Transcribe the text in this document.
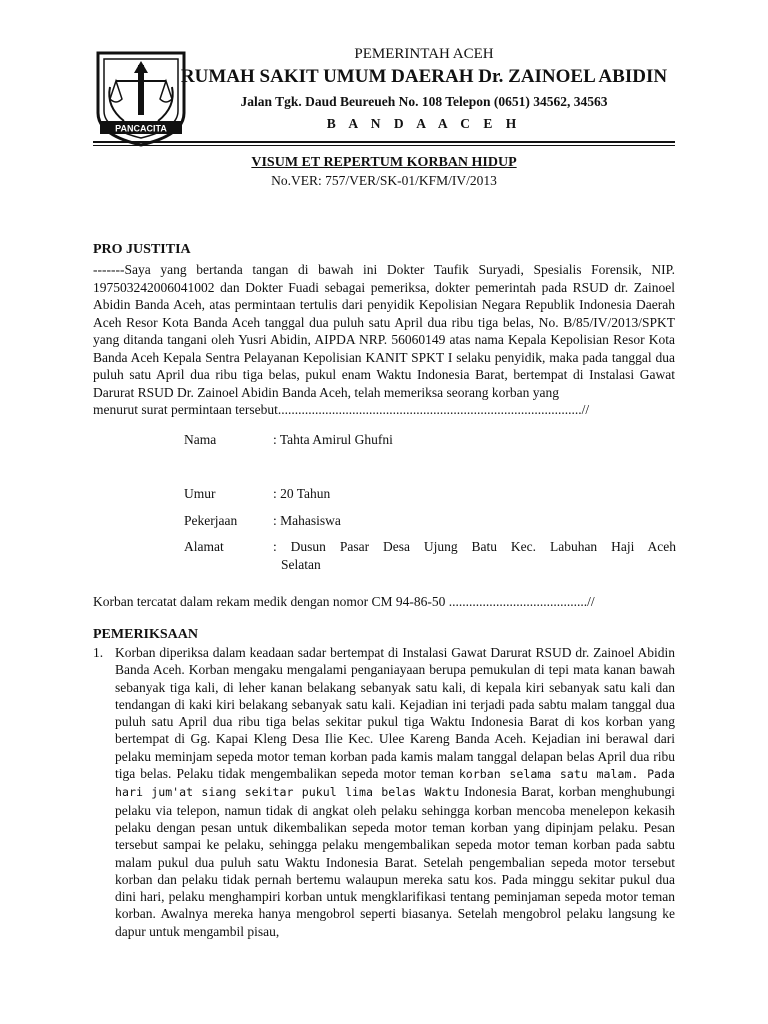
PANCACITA
PEMERINTAH ACEH
RUMAH SAKIT UMUM DAERAH Dr. ZAINOEL ABIDIN
Jalan Tgk. Daud Beureueh No. 108 Telepon (0651) 34562, 34563
B A N D A A C E H
VISUM ET REPERTUM KORBAN HIDUP
No.VER: 757/VER/SK-01/KFM/IV/2013
PRO JUSTITIA
-------Saya yang bertanda tangan di bawah ini Dokter Taufik Suryadi, Spesialis Forensik, NIP. 197503242006041002 dan Dokter Fuadi sebagai pemeriksa, dokter pemerintah pada RSUD dr. Zainoel Abidin Banda Aceh, atas permintaan tertulis dari penyidik Kepolisian Negara Republik Indonesia Daerah Aceh Resor Kota Banda Aceh tanggal dua puluh satu April dua ribu tiga belas, No. B/85/IV/2013/SPKT yang ditanda tangani oleh Yusri Abidin, AIPDA NRP. 56060149 atas nama Kepala Kepolisian Resor Kota Banda Aceh Kepala Sentra Pelayanan Kepolisian KANIT SPKT I selaku penyidik, maka pada tanggal dua puluh satu April dua ribu tiga belas, pukul enam Waktu Indonesia Barat, bertempat di Instalasi Gawat Darurat RSUD Dr. Zainoel Abidin Banda Aceh, telah memeriksa seorang korban yang
menurut surat permintaan tersebut..........................................................................................//
Nama	: Tahta Amirul Ghufni
Umur	: 20 Tahun
Pekerjaan	: Mahasiswa
Alamat	: Dusun Pasar Desa Ujung Batu Kec. Labuhan Haji Aceh
Selatan
Korban tercatat dalam rekam medik dengan nomor CM 94-86-50 .........................................//
PEMERIKSAAN
1. Korban diperiksa dalam keadaan sadar bertempat di Instalasi Gawat Darurat RSUD dr. Zainoel Abidin Banda Aceh. Korban mengaku mengalami penganiayaan berupa pemukulan di tepi mata kanan bawah sebanyak tiga kali, di leher kanan belakang sebanyak satu kali, di kepala kiri sebanyak satu kali dan tendangan di kaki kiri belakang sebanyak satu kali. Kejadian ini terjadi pada sabtu malam tanggal dua puluh satu April dua ribu tiga belas sekitar pukul tiga Waktu Indonesia Barat di kos korban yang bertempat di Gg. Kapai Kleng Desa Ilie Kec. Ulee Kareng Banda Aceh. Kejadian ini berawal dari pelaku meminjam sepeda motor teman korban pada kamis malam tanggal delapan belas April dua ribu tiga belas. Pelaku tidak mengembalikan sepeda motor teman korban selama satu malam. Pada hari jum'at siang sekitar pukul lima belas Waktu Indonesia Barat, korban menghubungi pelaku via telepon, namun tidak di angkat oleh pelaku sehingga korban mencoba menelepon kekasih pelaku dengan pesan untuk dikembalikan sepeda motor teman korban yang dipinjam pelaku. Pesan tersebut sampai ke pelaku, sehingga pelaku mengembalikan sepeda motor teman korban pada sabtu malam pukul dua puluh satu Waktu Indonesia Barat. Setelah pengembalian sepeda motor tersebut korban dan pelaku tidak pernah bertemu walaupun mereka satu kos. Pada minggu sekitar pukul dua dini hari, pelaku menghampiri korban untuk mengklarifikasi tentang peminjaman sepeda motor teman korban. Awalnya mereka hanya mengobrol seperti biasanya. Setelah mengobrol pelaku langsung ke dapur untuk mengambil pisau,
